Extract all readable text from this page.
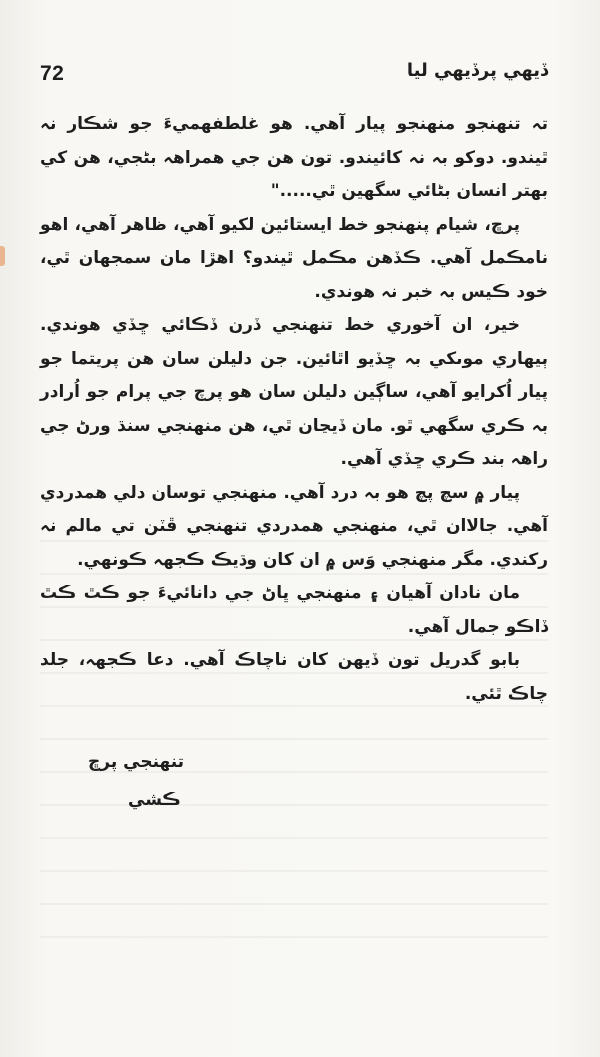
72	ڏيهي پرڏيهي ليا

تہ تنهنجو منهنجو پيار آهي. هو غلطفهميءَ جو شڪار نہ ٿيندو. دوکو بہ نہ کائيندو. تون هن جي همراهہ بڻجي، هن کي بهتر انسان بڻائي سگهين ٿي....."

پرڇ، شيام پنهنجو خط ايستائين لکيو آهي، ظاهر آهي، اهو نامڪمل آهي. ڪڏهن مڪمل ٿيندو؟ اهڙا مان سمجهان ٿي، خود ڪيس بہ خبر نہ هوندي.

خير، ان آخوري خط تنهنجي ڏرن ڏڪائي ڇڏي هوندي. ٻيهاري موںکي بہ ڇڏيو اٿائين. جن دليلن سان هن پريتما جو پيار اُکرايو آهي، ساڳين دليلن سان هو پرچ جي پرام جو اُرادر بہ ڪري سگهي ٿو. مان ڏيڃان ٿي، هن منهنجي سنڌ ورڻ جي راهہ بند ڪري ڇڏي آهي.

پيار ۾ سچ پچ هو بہ درد آهي. منهنجي توسان دلي همدردي آهي. جالاان ٿي، منهنجي همدردي تنهنجي ڦٽن تي مالم نہ رکندي. مگر منهنجي وَس ۾ ان کان وڌيڪ ڪجهہ ڪونهي.

مان نادان آهيان ۽ منهنجي ڀاڻ جي دانائيءَ جو ڪٿ ڪٿ ڏاڪو جمال آهي.

بابو گدريل تون ڏيهن کان ناچاڪ آهي. دعا ڪجهہ، جلد چاڪ ٿئي.

تنهنجي پرڇ
ڪشي
